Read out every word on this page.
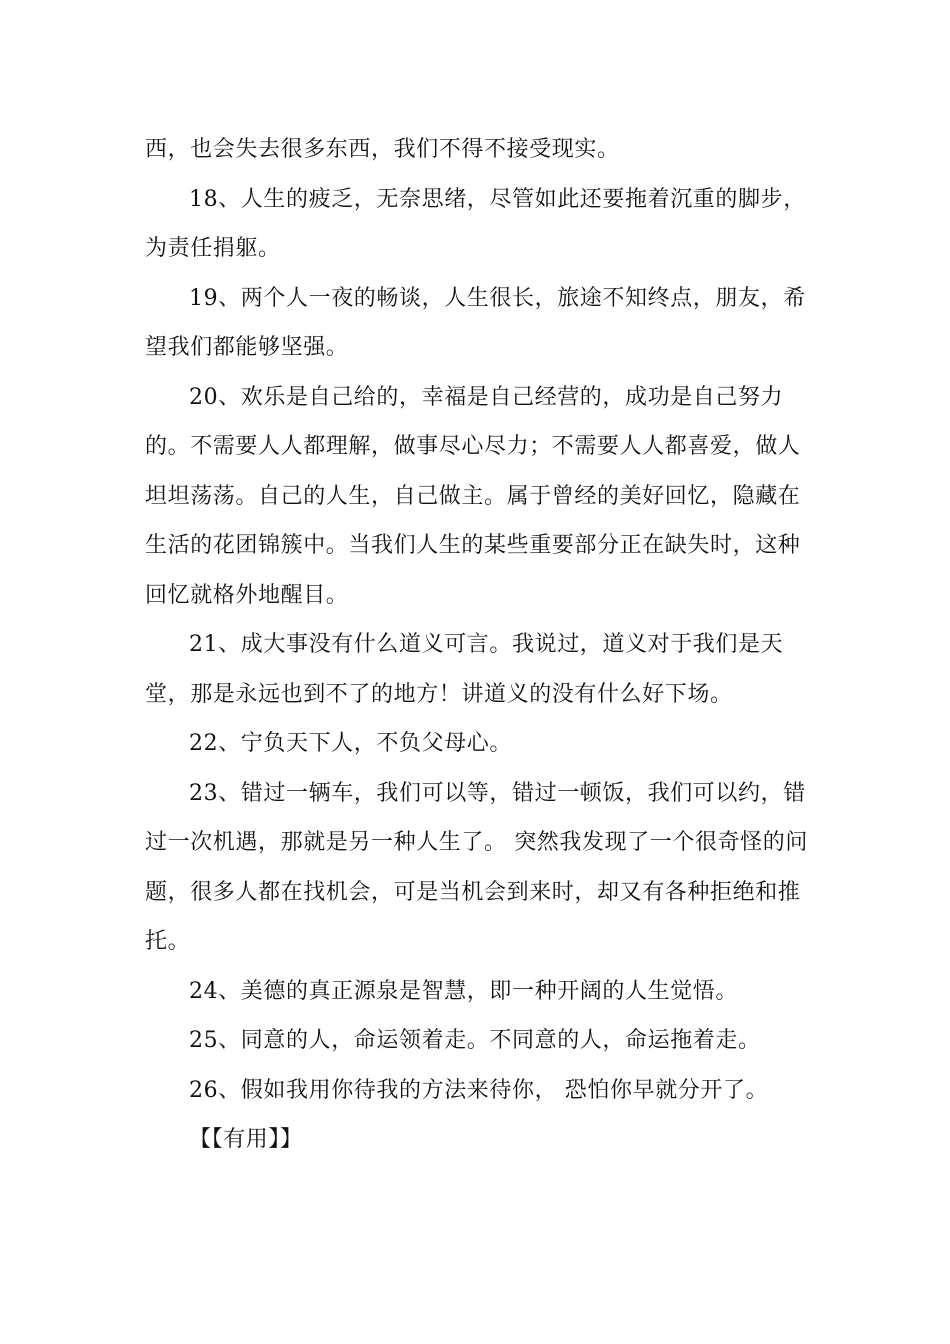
西，也会失去很多东西，我们不得不接受现实。

18、人生的疲乏，无奈思绪，尽管如此还要拖着沉重的脚步，为责任捐躯。

19、两个人一夜的畅谈，人生很长，旅途不知终点，朋友，希望我们都能够坚强。

20、欢乐是自己给的，幸福是自己经营的，成功是自己努力的。不需要人人都理解，做事尽心尽力；不需要人人都喜爱，做人坦坦荡荡。自己的人生，自己做主。属于曾经的美好回忆，隐藏在生活的花团锦簇中。当我们人生的某些重要部分正在缺失时，这种回忆就格外地醒目。

21、成大事没有什么道义可言。我说过，道义对于我们是天堂，那是永远也到不了的地方！讲道义的没有什么好下场。

22、宁负天下人，不负父母心。

23、错过一辆车，我们可以等，错过一顿饭，我们可以约，错过一次机遇，那就是另一种人生了。 突然我发现了一个很奇怪的问题，很多人都在找机会，可是当机会到来时，却又有各种拒绝和推托。

24、美德的真正源泉是智慧，即一种开阔的人生觉悟。

25、同意的人，命运领着走。不同意的人，命运拖着走。

26、假如我用你待我的方法来待你， 恐怕你早就分开了。

【【有用】】
